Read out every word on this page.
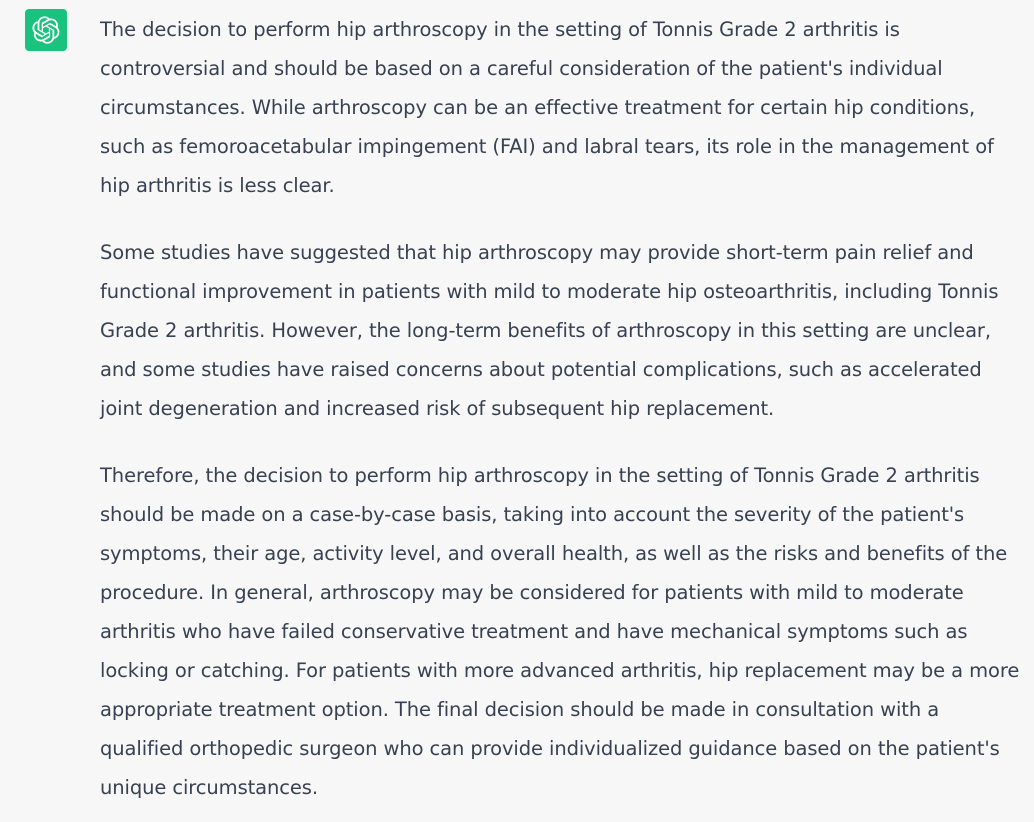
The decision to perform hip arthroscopy in the setting of Tonnis Grade 2 arthritis is controversial and should be based on a careful consideration of the patient's individual circumstances. While arthroscopy can be an effective treatment for certain hip conditions, such as femoroacetabular impingement (FAI) and labral tears, its role in the management of hip arthritis is less clear.

Some studies have suggested that hip arthroscopy may provide short-term pain relief and functional improvement in patients with mild to moderate hip osteoarthritis, including Tonnis Grade 2 arthritis. However, the long-term benefits of arthroscopy in this setting are unclear, and some studies have raised concerns about potential complications, such as accelerated joint degeneration and increased risk of subsequent hip replacement.

Therefore, the decision to perform hip arthroscopy in the setting of Tonnis Grade 2 arthritis should be made on a case-by-case basis, taking into account the severity of the patient's symptoms, their age, activity level, and overall health, as well as the risks and benefits of the procedure. In general, arthroscopy may be considered for patients with mild to moderate arthritis who have failed conservative treatment and have mechanical symptoms such as locking or catching. For patients with more advanced arthritis, hip replacement may be a more appropriate treatment option. The final decision should be made in consultation with a qualified orthopedic surgeon who can provide individualized guidance based on the patient's unique circumstances.
